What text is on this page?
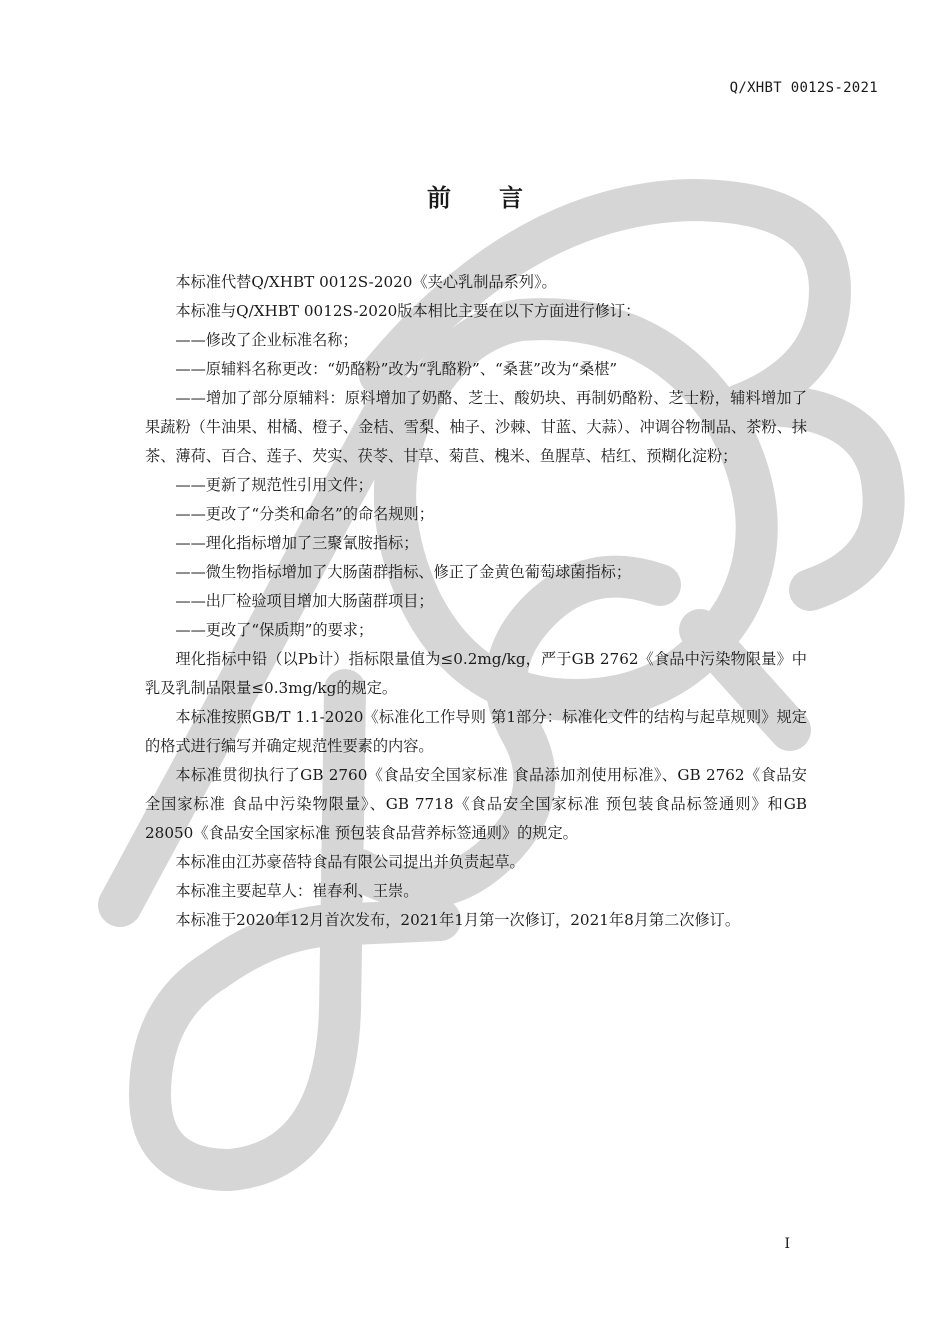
Q/XHBT 0012S-2021
前言

本标准代替Q/XHBT 0012S-2020《夹心乳制品系列》。

本标准与Q/XHBT 0012S-2020版本相比主要在以下方面进行修订：

——修改了企业标准名称；

——原辅料名称更改：“奶酪粉”改为“乳酪粉”、“桑葚”改为“桑椹”

——增加了部分原辅料：原料增加了奶酪、芝士、酸奶块、再制奶酪粉、芝士粉，辅料增加了果蔬粉（牛油果、柑橘、橙子、金桔、雪梨、柚子、沙棘、甘蓝、大蒜）、冲调谷物制品、茶粉、抹茶、薄荷、百合、莲子、芡实、茯苓、甘草、菊苣、槐米、鱼腥草、桔红、预糊化淀粉；

——更新了规范性引用文件；

——更改了“分类和命名”的命名规则；

——理化指标增加了三聚氰胺指标；

——微生物指标增加了大肠菌群指标、修正了金黄色葡萄球菌指标；

——出厂检验项目增加大肠菌群项目；

——更改了“保质期”的要求；

理化指标中铅（以Pb计）指标限量值为≤0.2mg/kg，严于GB 2762《食品中污染物限量》中乳及乳制品限量≤0.3mg/kg的规定。

本标准按照GB/T 1.1-2020《标准化工作导则 第1部分：标准化文件的结构与起草规则》规定的格式进行编写并确定规范性要素的内容。

本标准贯彻执行了GB 2760《食品安全国家标准 食品添加剂使用标准》、GB 2762《食品安全国家标准 食品中污染物限量》、GB 7718《食品安全国家标准 预包装食品标签通则》和GB 28050《食品安全国家标准 预包装食品营养标签通则》的规定。

本标准由江苏豪蓓特食品有限公司提出并负责起草。

本标准主要起草人：崔春利、王崇。

本标准于2020年12月首次发布，2021年1月第一次修订，2021年8月第二次修订。

I
